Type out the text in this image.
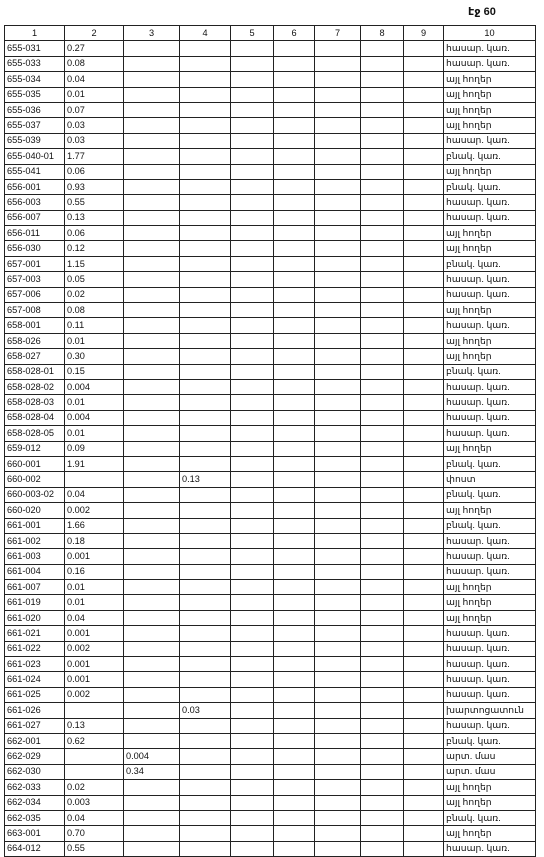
էջ 60
1	2	3	4	5	6	7	8	9	10
655-031	0.27								հասար. կառ.
655-033	0.08								հասար. կառ.
655-034	0.04								այլ հողեր
655-035	0.01								այլ հողեր
655-036	0.07								այլ հողեր
655-037	0.03								այլ հողեր
655-039	0.03								հասար. կառ.
655-040-01	1.77								բնակ. կառ.
655-041	0.06								այլ հողեր
656-001	0.93								բնակ. կառ.
656-003	0.55								հասար. կառ.
656-007	0.13								հասար. կառ.
656-011	0.06								այլ հողեր
656-030	0.12								այլ հողեր
657-001	1.15								բնակ. կառ.
657-003	0.05								հասար. կառ.
657-006	0.02								հասար. կառ.
657-008	0.08								այլ հողեր
658-001	0.11								հասար. կառ.
658-026	0.01								այլ հողեր
658-027	0.30								այլ հողեր
658-028-01	0.15								բնակ. կառ.
658-028-02	0.004								հասար. կառ.
658-028-03	0.01								հասար. կառ.
658-028-04	0.004								հասար. կառ.
658-028-05	0.01								հասար. կառ.
659-012	0.09								այլ հողեր
660-001	1.91								բնակ. կառ.
660-002			0.13						փոստ
660-003-02	0.04								բնակ. կառ.
660-020	0.002								այլ հողեր
661-001	1.66								բնակ. կառ.
661-002	0.18								հասար. կառ.
661-003	0.001								հասար. կառ.
661-004	0.16								հասար. կառ.
661-007	0.01								այլ հողեր
661-019	0.01								այլ հողեր
661-020	0.04								այլ հողեր
661-021	0.001								հասար. կառ.
661-022	0.002								հասար. կառ.
661-023	0.001								հասար. կառ.
661-024	0.001								հասար. կառ.
661-025	0.002								հասար. կառ.
661-026			0.03						խարտոցատուն
661-027	0.13								հասար. կառ.
662-001	0.62								բնակ. կառ.
662-029		0.004							արտ. մաս
662-030		0.34							արտ. մաս
662-033	0.02								այլ հողեր
662-034	0.003								այլ հողեր
662-035	0.04								բնակ. կառ.
663-001	0.70								այլ հողեր
664-012	0.55								հասար. կառ.
